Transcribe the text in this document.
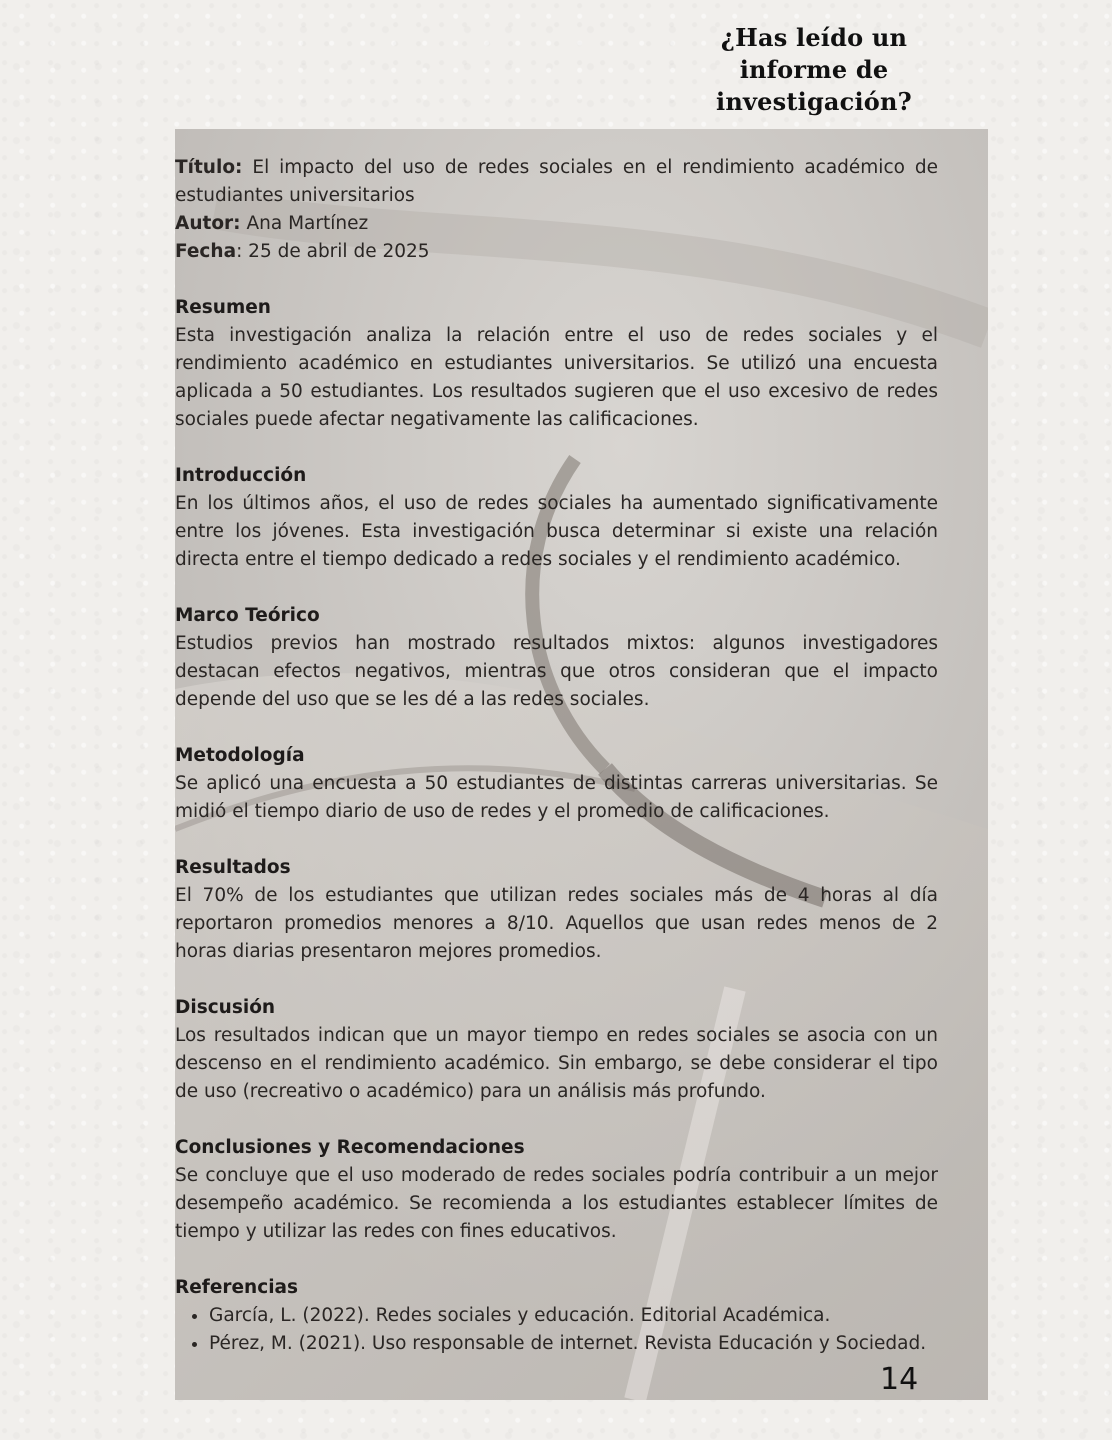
¿Has leído un informe de investigación?

Título: El impacto del uso de redes sociales en el rendimiento académico de estudiantes universitarios
Autor: Ana Martínez
Fecha: 25 de abril de 2025

Resumen

Esta investigación analiza la relación entre el uso de redes sociales y el rendimiento académico en estudiantes universitarios. Se utilizó una encuesta aplicada a 50 estudiantes. Los resultados sugieren que el uso excesivo de redes sociales puede afectar negativamente las calificaciones.

Introducción

En los últimos años, el uso de redes sociales ha aumentado significativamente entre los jóvenes. Esta investigación busca determinar si existe una relación directa entre el tiempo dedicado a redes sociales y el rendimiento académico.

Marco Teórico

Estudios previos han mostrado resultados mixtos: algunos investigadores destacan efectos negativos, mientras que otros consideran que el impacto depende del uso que se les dé a las redes sociales.

Metodología

Se aplicó una encuesta a 50 estudiantes de distintas carreras universitarias. Se midió el tiempo diario de uso de redes y el promedio de calificaciones.

Resultados

El 70% de los estudiantes que utilizan redes sociales más de 4 horas al día reportaron promedios menores a 8/10. Aquellos que usan redes menos de 2 horas diarias presentaron mejores promedios.

Discusión

Los resultados indican que un mayor tiempo en redes sociales se asocia con un descenso en el rendimiento académico. Sin embargo, se debe considerar el tipo de uso (recreativo o académico) para un análisis más profundo.

Conclusiones y Recomendaciones

Se concluye que el uso moderado de redes sociales podría contribuir a un mejor desempeño académico. Se recomienda a los estudiantes establecer límites de tiempo y utilizar las redes con fines educativos.

Referencias
• García, L. (2022). Redes sociales y educación. Editorial Académica.
• Pérez, M. (2021). Uso responsable de internet. Revista Educación y Sociedad.
14
